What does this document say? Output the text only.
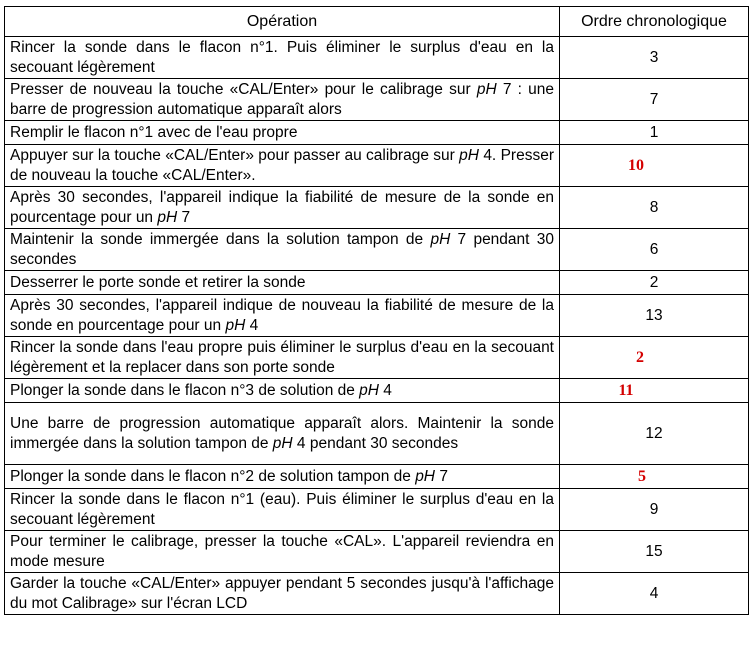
Opération	Ordre chronologique
Rincer la sonde dans le flacon n°1. Puis éliminer le surplus d'eau en la secouant légèrement	3
Presser de nouveau la touche «CAL/Enter» pour le calibrage sur pH 7 : une barre de progression automatique apparaît alors	7
Remplir le flacon n°1 avec de l'eau propre	1
Appuyer sur la touche «CAL/Enter» pour passer au calibrage sur pH 4. Presser de nouveau la touche «CAL/Enter».	10
Après 30 secondes, l'appareil indique la fiabilité de mesure de la sonde en pourcentage pour un pH 7	8
Maintenir la sonde immergée dans la solution tampon de pH 7 pendant 30 secondes	6
Desserrer le porte sonde et retirer la sonde	2
Après 30 secondes, l'appareil indique de nouveau la fiabilité de mesure de la sonde en pourcentage pour un pH 4	13
Rincer la sonde dans l'eau propre puis éliminer le surplus d'eau en la secouant légèrement et la replacer dans son porte sonde	2
Plonger la sonde dans le flacon n°3 de solution de pH 4	11
Une barre de progression automatique apparaît alors. Maintenir la sonde immergée dans la solution tampon de pH 4 pendant 30 secondes	12
Plonger la sonde dans le flacon n°2 de solution tampon de pH 7	5
Rincer la sonde dans le flacon n°1 (eau). Puis éliminer le surplus d'eau en la secouant légèrement	9
Pour terminer le calibrage, presser la touche «CAL». L'appareil reviendra en mode mesure	15
Garder la touche «CAL/Enter» appuyer pendant 5 secondes jusqu'à l'affichage du mot Calibrage» sur l'écran LCD	4
